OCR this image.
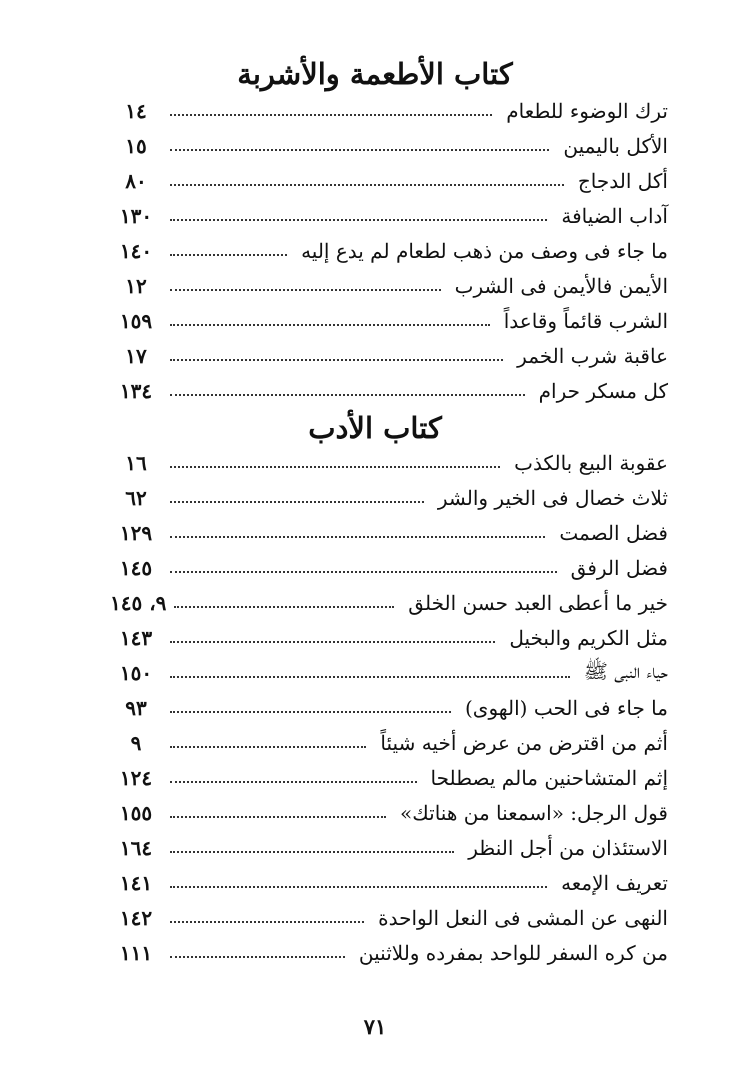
كتاب الأطعمة والأشربة
ترك الوضوء للطعام
١٤
الأكل باليمين
١٥
أكل الدجاج
٨٠
آداب الضيافة
١٣٠
ما جاء فى وصف من ذهب لطعام لم يدع إليه
١٤٠
الأيمن فالأيمن فى الشرب
١٢
الشرب قائماً وقاعداً
١٥٩
عاقبة شرب الخمر
١٧
كل مسكر حرام
١٣٤
كتاب الأدب
عقوبة البيع بالكذب
١٦
ثلاث خصال فى الخير والشر
٦٢
فضل الصمت
١٢٩
فضل الرفق
١٤٥
خير ما أعطى العبد حسن الخلق
٩، ١٤٥
مثل الكريم والبخيل
١٤٣
حياء النبى ﷺ
١٥٠
ما جاء فى الحب (الهوى)
٩٣
أثم من اقترض من عرض أخيه شيئاً
٩
إثم المتشاحنين مالم يصطلحا
١٢٤
قول الرجل: «اسمعنا من هناتك»
١٥٥
الاستئذان من أجل النظر
١٦٤
تعريف الإمعه
١٤١
النهى عن المشى فى النعل الواحدة
١٤٢
من كره السفر للواحد بمفرده وللاثنين
١١١
٧١
